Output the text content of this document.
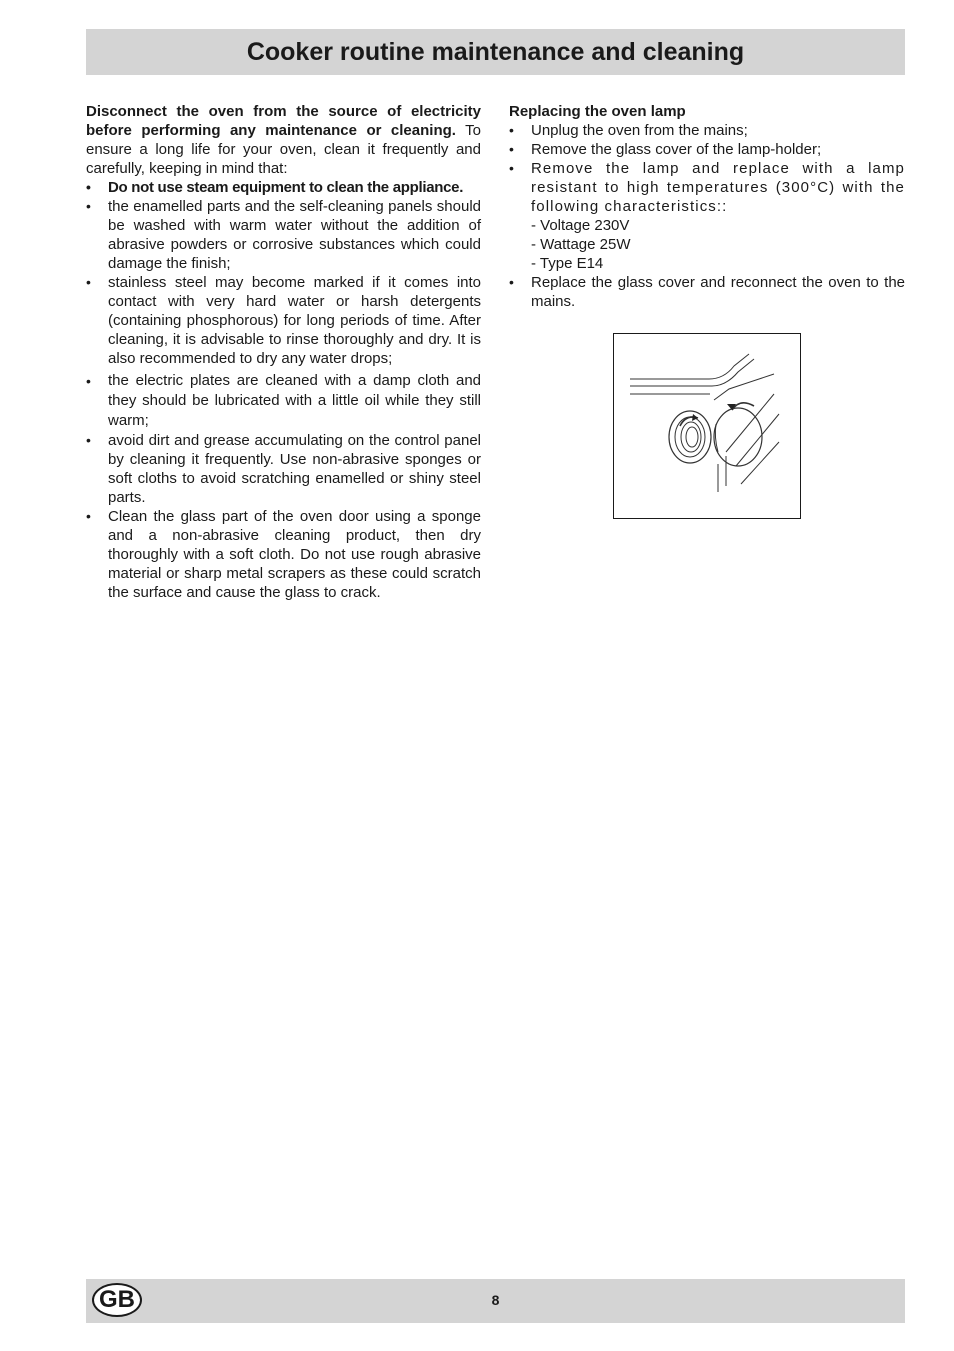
Cooker routine maintenance and cleaning

Disconnect the oven from the source of electricity before performing any maintenance or cleaning. To ensure a long life for your oven, clean it frequently and carefully, keeping in mind that:

• Do not use steam equipment to clean the appliance.
• the enamelled parts and the self-cleaning panels should be washed with warm water without the addition of abrasive powders or corrosive substances which could damage the finish;
• stainless steel may become marked if it comes into contact with very hard water or harsh detergents (containing phosphorous) for long periods of time. After cleaning, it is advisable to rinse thoroughly and dry. It is also recommended to dry any water drops;
• the electric plates are cleaned with a damp cloth and they should be lubricated with a little oil while they still warm;
• avoid dirt and grease accumulating on the control panel by cleaning it frequently. Use non-abrasive sponges or soft cloths to avoid scratching enamelled or shiny steel parts.
• Clean the glass part of the oven door using a sponge and a non-abrasive cleaning product, then dry thoroughly with a soft cloth. Do not use rough abrasive material or sharp metal scrapers as these could scratch the surface and cause the glass to crack.

Replacing the oven lamp

• Unplug the oven from the mains;
• Remove the glass cover of the lamp-holder;
• Remove the lamp and replace with a lamp resistant to high temperatures (300°C) with the following characteristics::
- Voltage 230V
- Wattage 25W
- Type E14
• Replace the glass cover and reconnect the oven to the mains.
GB	8
